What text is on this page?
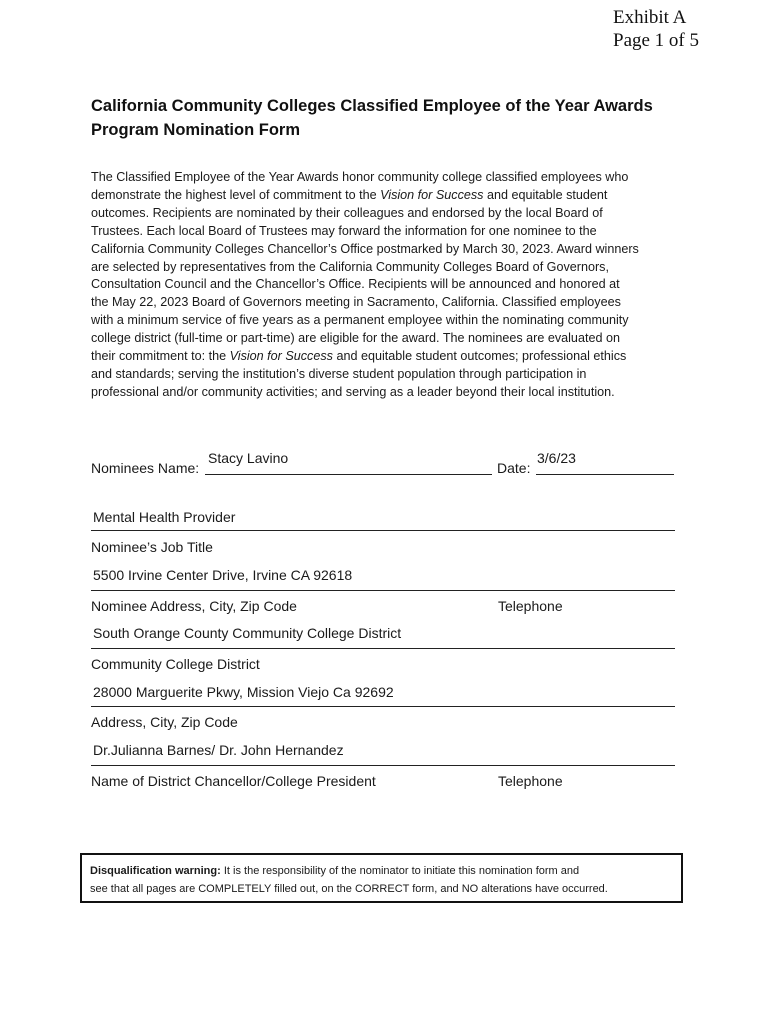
Exhibit A
Page 1 of 5
California Community Colleges Classified Employee of the Year Awards
Program Nomination Form

The Classified Employee of the Year Awards honor community college classified employees who

demonstrate the highest level of commitment to the Vision for Success and equitable student

outcomes. Recipients are nominated by their colleagues and endorsed by the local Board of

Trustees. Each local Board of Trustees may forward the information for one nominee to the

California Community Colleges Chancellor’s Office postmarked by March 30, 2023. Award winners

are selected by representatives from the California Community Colleges Board of Governors,

Consultation Council and the Chancellor’s Office. Recipients will be announced and honored at

the May 22, 2023 Board of Governors meeting in Sacramento, California. Classified employees

with a minimum service of five years as a permanent employee within the nominating community

college district (full-time or part-time) are eligible for the award. The nominees are evaluated on

their commitment to: the Vision for Success and equitable student outcomes; professional ethics

and standards; serving the institution’s diverse student population through participation in

professional and/or community activities; and serving as a leader beyond their local institution.

Stacy Lavino
Nominees Name:
3/6/23
Date:
Mental Health Provider
Nominee’s Job Title
5500 Irvine Center Drive, Irvine CA 92618
Nominee Address, City, Zip Code	Telephone
South Orange County Community College District
Community College District
28000 Marguerite Pkwy, Mission Viejo Ca 92692
Address, City, Zip Code
Dr.Julianna Barnes/ Dr. John Hernandez
Name of District Chancellor/College President	Telephone
Disqualification warning: It is the responsibility of the nominator to initiate this nomination form and
see that all pages are COMPLETELY filled out, on the CORRECT form, and NO alterations have occurred.
